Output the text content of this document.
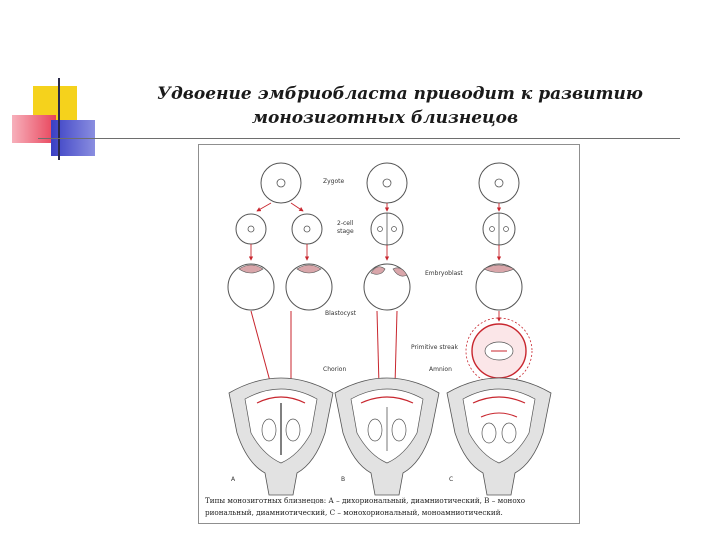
Удвоение эмбриобласта приводит к развитию
монозиготных близнецов
Zygote
2-cell
stage
Embryoblast
Blastocyst
Primitive streak
Chorion	Amnion
A	B	C
Типы монозиготных близнецов: А – дихориональный, диамниотический, В – монохо
риональный, диамниотический, С – монохориональный, моноамниотический.
